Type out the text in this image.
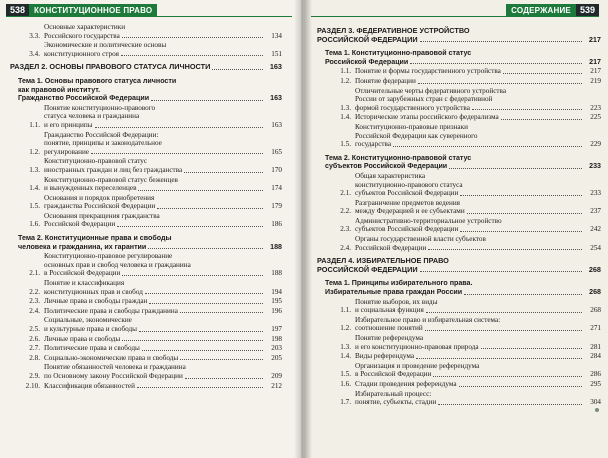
538	КОНСТИТУЦИОННОЕ ПРАВО
3.3.
Основные характеристики
Российского государства	134
3.4.
Экономические и политические основы
конституционного строя	151
РАЗДЕЛ 2. ОСНОВЫ ПРАВОВОГО СТАТУСА ЛИЧНОСТИ	163
Тема 1. Основы правового статуса личности
как правовой институт.
Гражданство Российской Федерации	163
1.1.
Понятие конституционно-правового
статуса человека и гражданина
и его принципы	163
1.2.
Гражданство Российской Федерации:
понятие, принципы и законодательное
регулирование	165
1.3.
Конституционно-правовой статус
иностранных граждан и лиц без гражданства	170
1.4.
Конституционно-правовой статус беженцев
и вынужденных переселенцев	174
1.5.
Основания и порядок приобретения
гражданства Российской Федерации	179
1.6.
Основания прекращения гражданства
Российской Федерации	186
Тема 2. Конституционные права и свободы
человека и гражданина, их гарантии	188
2.1.
Конституционно-правовое регулирование
основных прав и свобод человека и гражданина
в Российской Федерации	188
2.2.
Понятие и классификация
конституционных прав и свобод	194
2.3. Личные права и свободы граждан	195
2.4. Политические права и свободы гражданина	196
2.5.
Социальные, экономические
и культурные права и свободы	197
2.6. Личные права и свободы	198
2.7. Политические права и свободы	203
2.8. Социально-экономические права и свободы	205
2.9.
Понятие обязанностей человека и гражданина
по Основному закону Российской Федерации	209
2.10. Классификация обязанностей	212
СОДЕРЖАНИЕ	539
РАЗДЕЛ 3. ФЕДЕРАТИВНОЕ УСТРОЙСТВО
РОССИЙСКОЙ ФЕДЕРАЦИИ	217
Тема 1. Конституционно-правовой статус
Российской Федерации	217
1.1. Понятие и формы государственного устройства	217
1.2. Понятие федерации	219
1.3.
Отличительные черты федеративного устройства
России от зарубежных стран с федеративной
формой государственного устройства	223
1.4. Исторические этапы российского федерализма	225
1.5.
Конституционно-правовые признаки
Российской Федерации как суверенного
государства	229
Тема 2. Конституционно-правовой статус
субъектов Российской Федерации	233
2.1.
Общая характеристика
конституционно-правового статуса
субъектов Российской Федерации	233
2.2.
Разграничение предметов ведения
между Федерацией и ее субъектами	237
2.3.
Административно-территориальное устройство
субъектов Российской Федерации	242
2.4.
Органы государственной власти субъектов
Российской Федерации	254
РАЗДЕЛ 4. ИЗБИРАТЕЛЬНОЕ ПРАВО
РОССИЙСКОЙ ФЕДЕРАЦИИ	268
Тема 1. Принципы избирательного права.
Избирательные права граждан России	268
1.1.
Понятие выборов, их виды
и социальная функция	268
1.2.
Избирательное право и избирательная система:
соотношение понятий	271
1.3.
Понятие референдума
и его конституционно-правовая природа	281
1.4. Виды референдума	284
1.5.
Организация и проведение референдума
в Российской Федерации	286
1.6. Стадии проведения референдума	295
1.7.
Избирательный процесс:
понятие, субъекты, стадии	304
